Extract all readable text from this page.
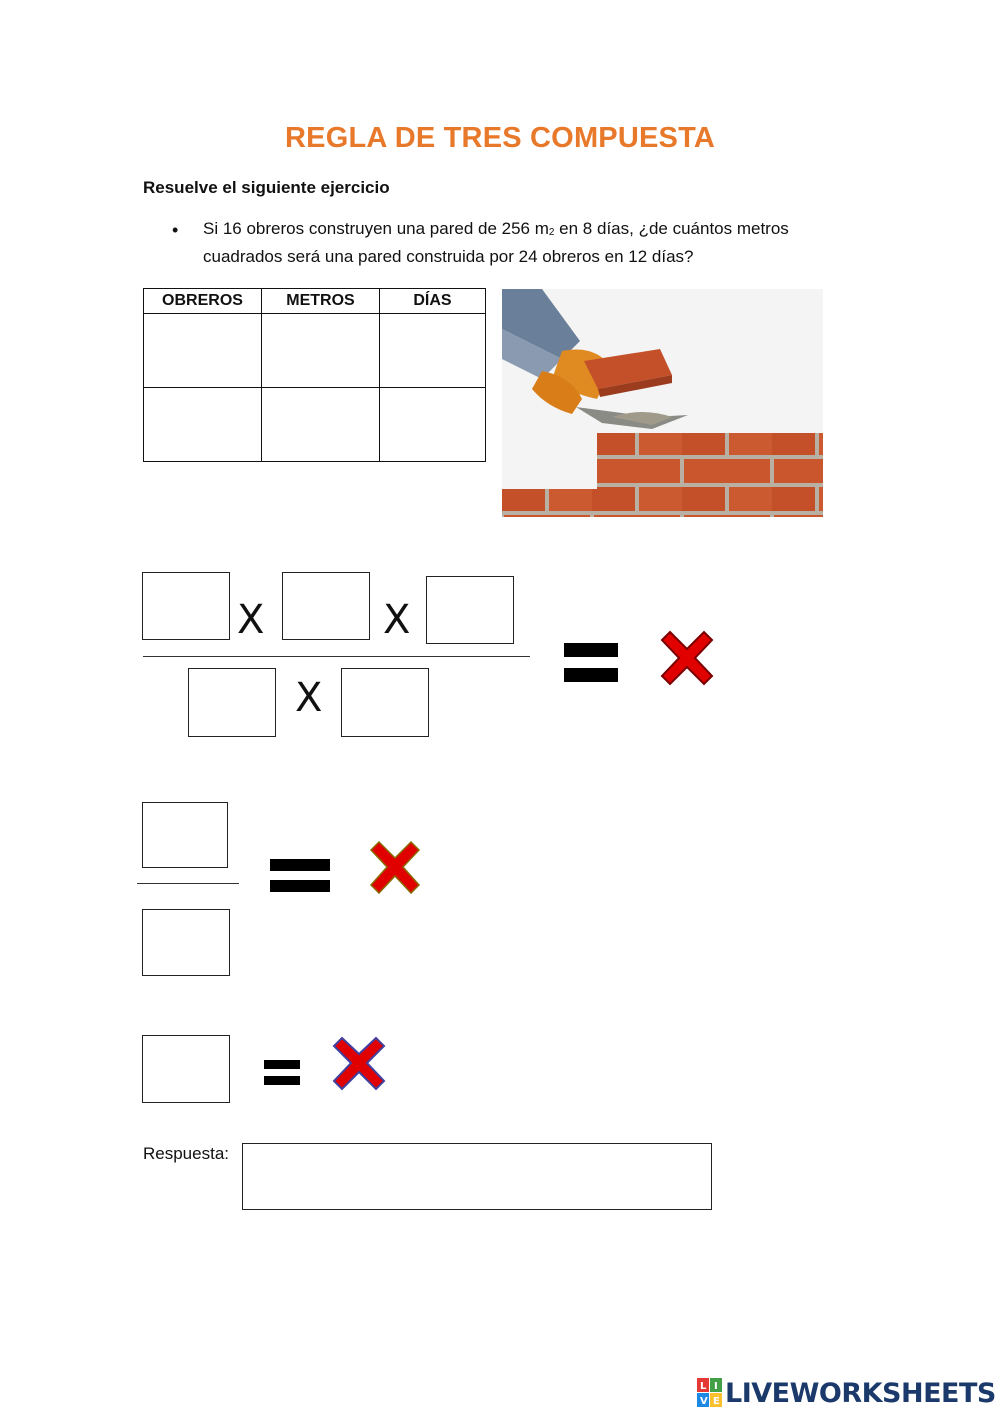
REGLA DE TRES COMPUESTA
Resuelve el siguiente ejercicio
• Si 16 obreros construyen una pared de 256 $m_2$ en 8 días, ¿de cuántos metros cuadrados será una pared construida por 24 obreros en 12 días?
OBREROS	METROS	DÍAS

X	X
X
Respuesta:
L I
V E LIVEWORKSHEETS
